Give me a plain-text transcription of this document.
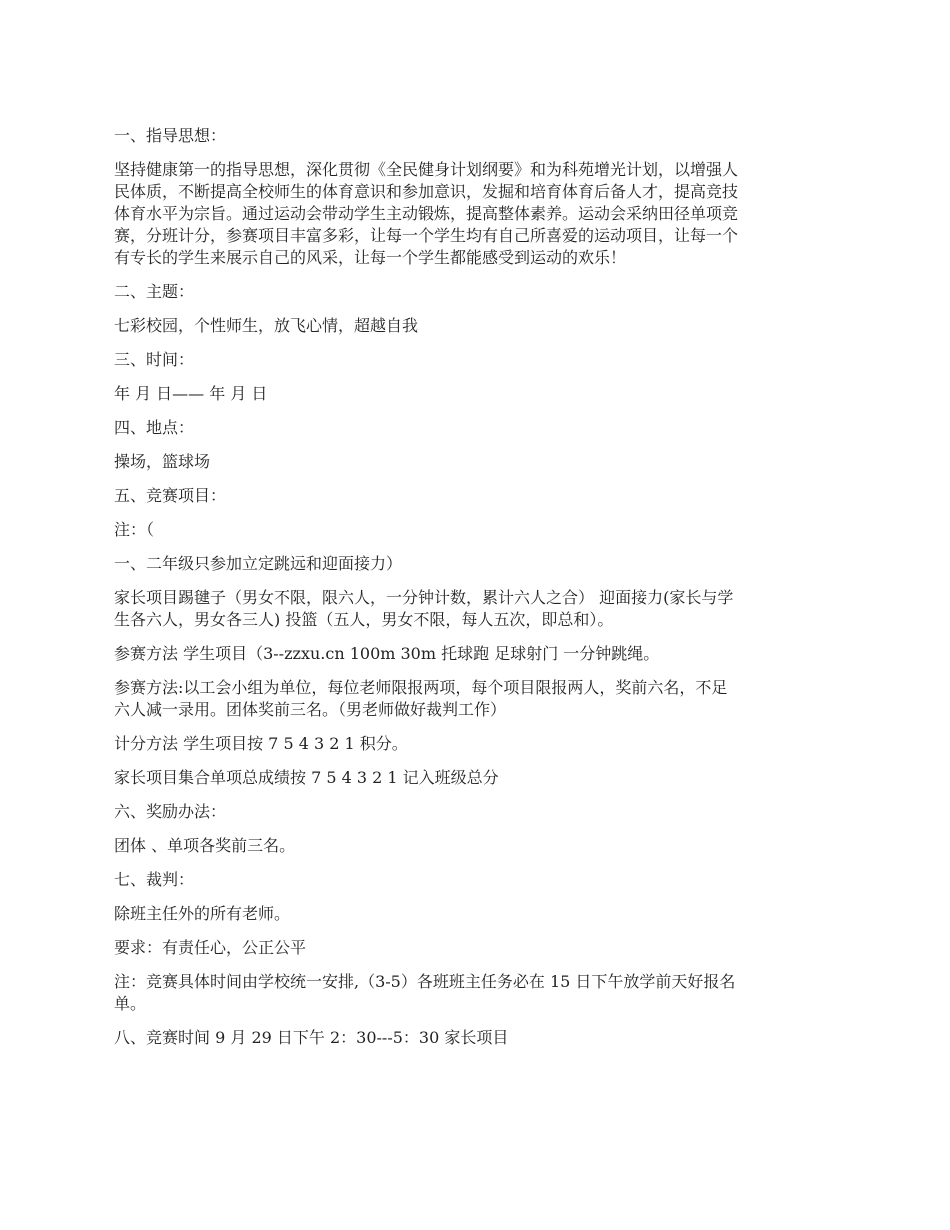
一、指导思想：

坚持健康第一的指导思想，深化贯彻《全民健身计划纲要》和为科苑增光计划，以增强人
民体质，不断提高全校师生的体育意识和参加意识，发掘和培育体育后备人才，提高竞技
体育水平为宗旨。通过运动会带动学生主动锻炼，提高整体素养。运动会采纳田径单项竞
赛，分班计分，参赛项目丰富多彩，让每一个学生均有自己所喜爱的运动项目，让每一个
有专长的学生来展示自己的风采，让每一个学生都能感受到运动的欢乐！

二、主题：

七彩校园，个性师生，放飞心情，超越自我

三、时间：

年 月 日—— 年 月 日

四、地点：

操场，篮球场

五、竞赛项目：

注：（

一、二年级只参加立定跳远和迎面接力）

家长项目踢毽子（男女不限，限六人，一分钟计数，累计六人之合） 迎面接力(家长与学
生各六人，男女各三人) 投篮（五人，男女不限，每人五次，即总和）。

参赛方法 学生项目（3--zzxu.cn 100m 30m 托球跑 足球射门 一分钟跳绳。

参赛方法:以工会小组为单位，每位老师限报两项，每个项目限报两人，奖前六名，不足
六人减一录用。团体奖前三名。（男老师做好裁判工作）

计分方法 学生项目按 7 5 4 3 2 1 积分。

家长项目集合单项总成绩按 7 5 4 3 2 1 记入班级总分

六、奖励办法：

团体 、单项各奖前三名。

七、裁判：

除班主任外的所有老师。

要求：有责任心，公正公平

注：竞赛具体时间由学校统一安排,（3-5）各班班主任务必在 15 日下午放学前天好报名
单。

八、竞赛时间 9 月 29 日下午 2：30---5：30 家长项目
